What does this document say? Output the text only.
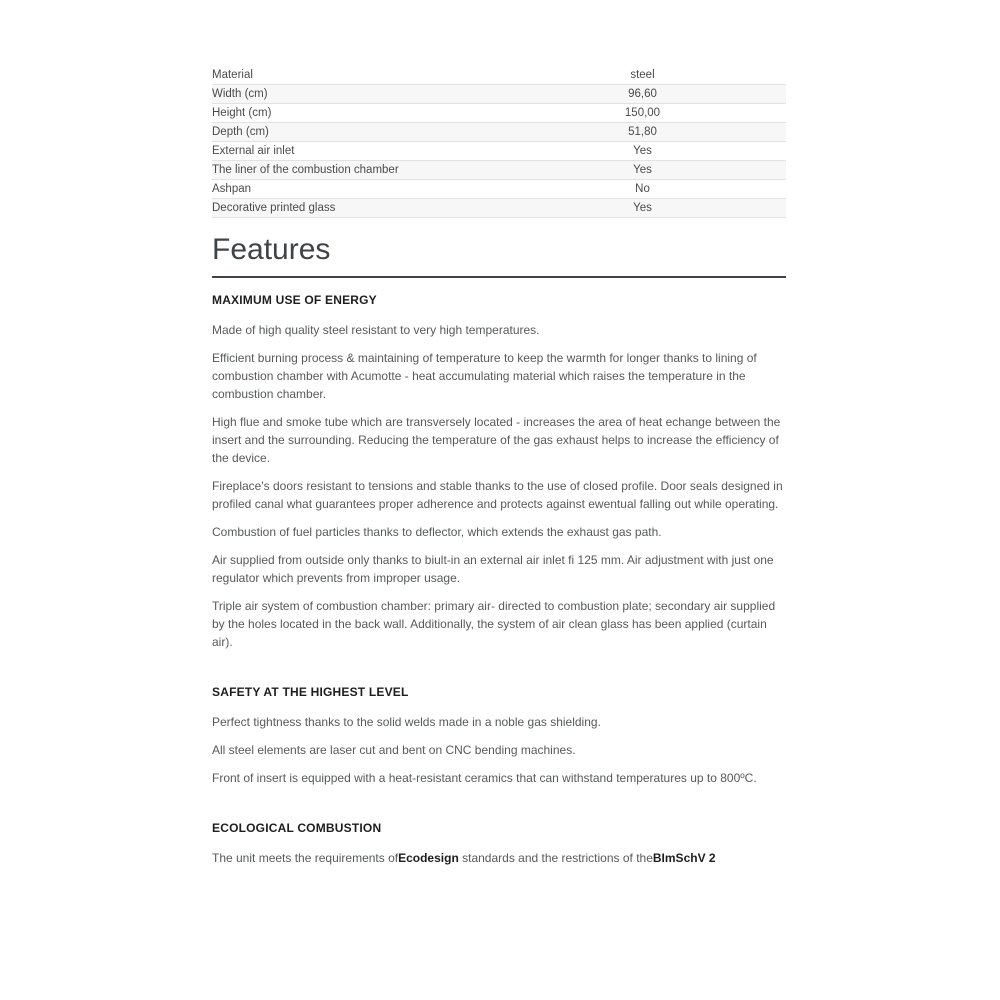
Material	steel
Width (cm)	96,60
Height (cm)	150,00
Depth (cm)	51,80
External air inlet	Yes
The liner of the combustion chamber	Yes
Ashpan	No
Decorative printed glass	Yes
Features
MAXIMUM USE OF ENERGY

Made of high quality steel resistant to very high temperatures.

Efficient burning process & maintaining of temperature to keep the warmth for longer thanks to lining of combustion chamber with Acumotte - heat accumulating material which raises the temperature in the combustion chamber.

High flue and smoke tube which are transversely located - increases the area of heat echange between the insert and the surrounding. Reducing the temperature of the gas exhaust helps to increase the efficiency of the device.

Fireplace's doors resistant to tensions and stable thanks to the use of closed profile. Door seals designed in profiled canal what guarantees proper adherence and protects against ewentual falling out while operating.

Combustion of fuel particles thanks to deflector, which extends the exhaust gas path.

Air supplied from outside only thanks to biult-in an external air inlet fi 125 mm. Air adjustment with just one regulator which prevents from improper usage.

Triple air system of combustion chamber: primary air- directed to combustion plate; secondary air supplied by the holes located in the back wall. Additionally, the system of air clean glass has been applied (curtain air).

SAFETY AT THE HIGHEST LEVEL

Perfect tightness thanks to the solid welds made in a noble gas shielding.

All steel elements are laser cut and bent on CNC bending machines.

Front of insert is equipped with a heat-resistant ceramics that can withstand temperatures up to 800ºC.

ECOLOGICAL COMBUSTION

The unit meets the requirements ofEcodesign standards and the restrictions of theBImSchV 2
